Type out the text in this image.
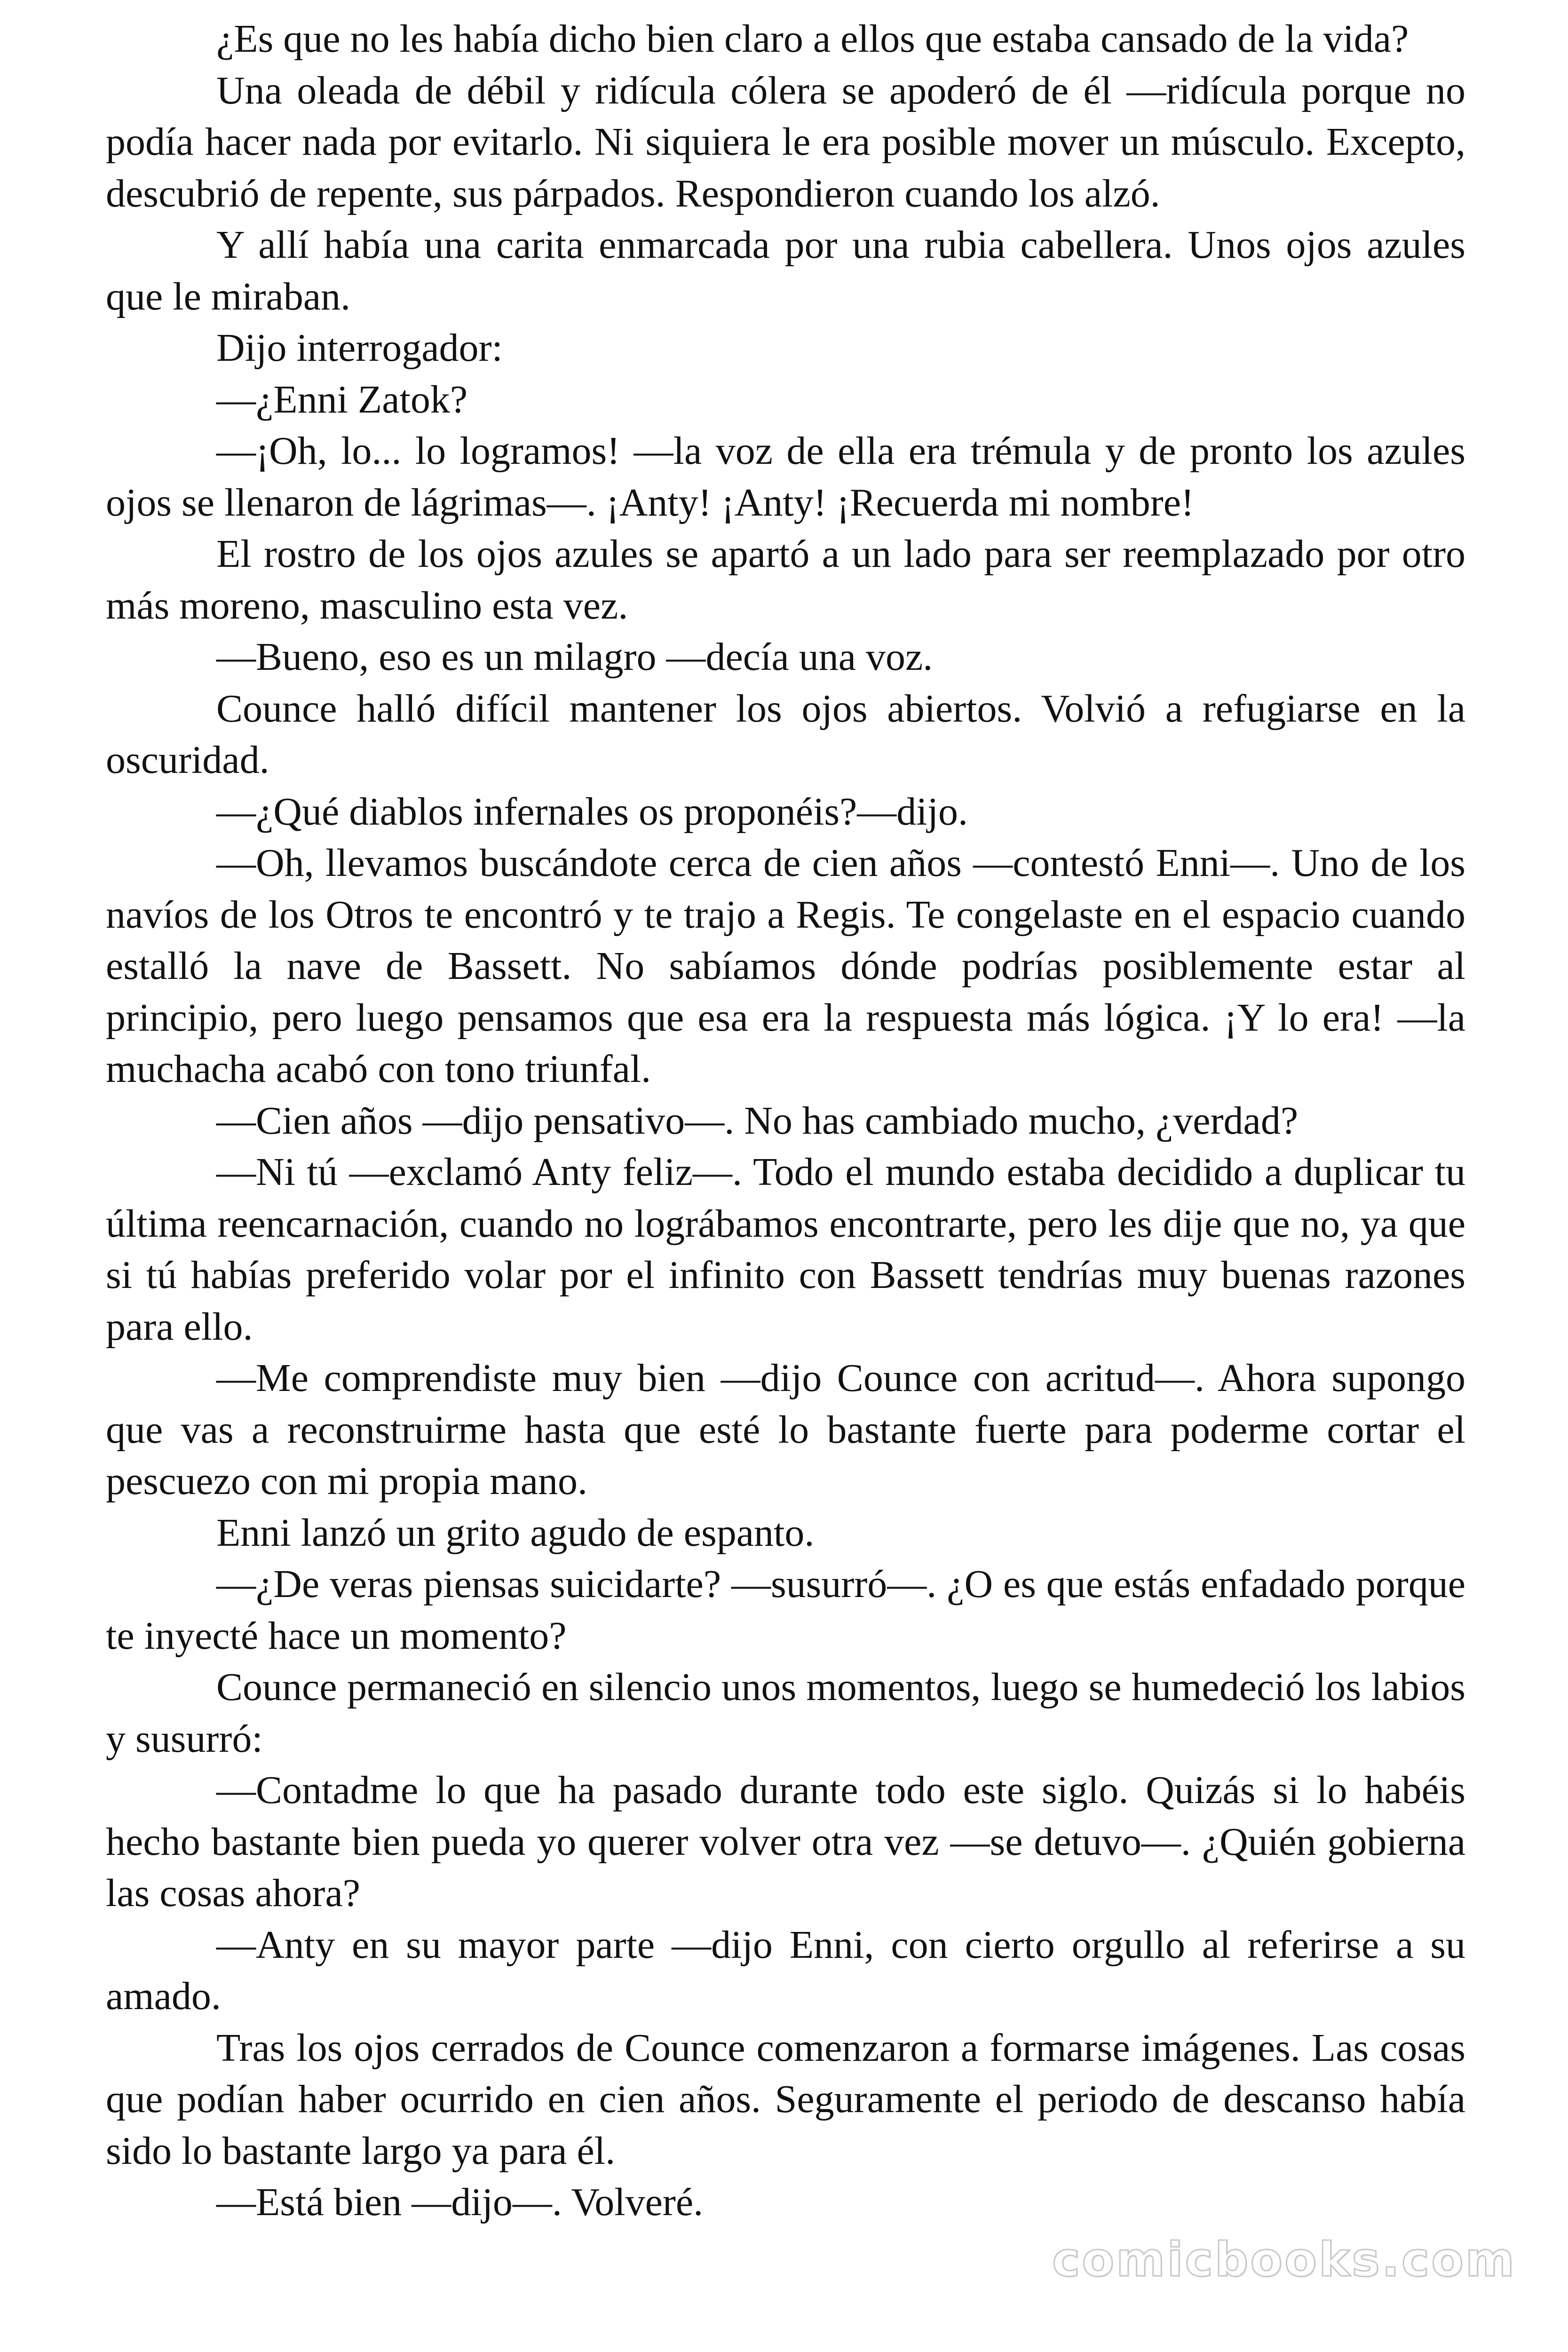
¿Es que no les había dicho bien claro a ellos que estaba cansado de la vida?

Una oleada de débil y ridícula cólera se apoderó de él —ridícula porque no podía hacer nada por evitarlo. Ni siquiera le era posible mover un músculo. Excepto, descubrió de repente, sus párpados. Respondieron cuando los alzó.

Y allí había una carita enmarcada por una rubia cabellera. Unos ojos azules que le miraban.

Dijo interrogador:

—¿Enni Zatok?

—¡Oh, lo... lo logramos! —la voz de ella era trémula y de pronto los azules ojos se llenaron de lágrimas—. ¡Anty! ¡Anty! ¡Recuerda mi nombre!

El rostro de los ojos azules se apartó a un lado para ser reemplazado por otro más moreno, masculino esta vez.

—Bueno, eso es un milagro —decía una voz.

Counce halló difícil mantener los ojos abiertos. Volvió a refugiarse en la oscuridad.

—¿Qué diablos infernales os proponéis?—dijo.

—Oh, llevamos buscándote cerca de cien años —contestó Enni—. Uno de los navíos de los Otros te encontró y te trajo a Regis. Te congelaste en el espacio cuando estalló la nave de Bassett. No sabíamos dónde podrías posiblemente estar al principio, pero luego pensamos que esa era la respuesta más lógica. ¡Y lo era! —la muchacha acabó con tono triunfal.

—Cien años —dijo pensativo—. No has cambiado mucho, ¿verdad?

—Ni tú —exclamó Anty feliz—. Todo el mundo estaba decidido a duplicar tu última reencarnación, cuando no lográbamos encontrarte, pero les dije que no, ya que si tú habías preferido volar por el infinito con Bassett tendrías muy buenas razones para ello.

—Me comprendiste muy bien —dijo Counce con acritud—. Ahora supongo que vas a reconstruirme hasta que esté lo bastante fuerte para poderme cortar el pescuezo con mi propia mano.

Enni lanzó un grito agudo de espanto.

—¿De veras piensas suicidarte? —susurró—. ¿O es que estás enfadado porque te inyecté hace un momento?

Counce permaneció en silencio unos momentos, luego se humedeció los labios y susurró:

—Contadme lo que ha pasado durante todo este siglo. Quizás si lo habéis hecho bastante bien pueda yo querer volver otra vez —se detuvo—. ¿Quién gobierna las cosas ahora?

—Anty en su mayor parte —dijo Enni, con cierto orgullo al referirse a su amado.

Tras los ojos cerrados de Counce comenzaron a formarse imágenes. Las cosas que podían haber ocurrido en cien años. Seguramente el periodo de descanso había sido lo bastante largo ya para él.

—Está bien —dijo—. Volveré.

comicbooks.com
